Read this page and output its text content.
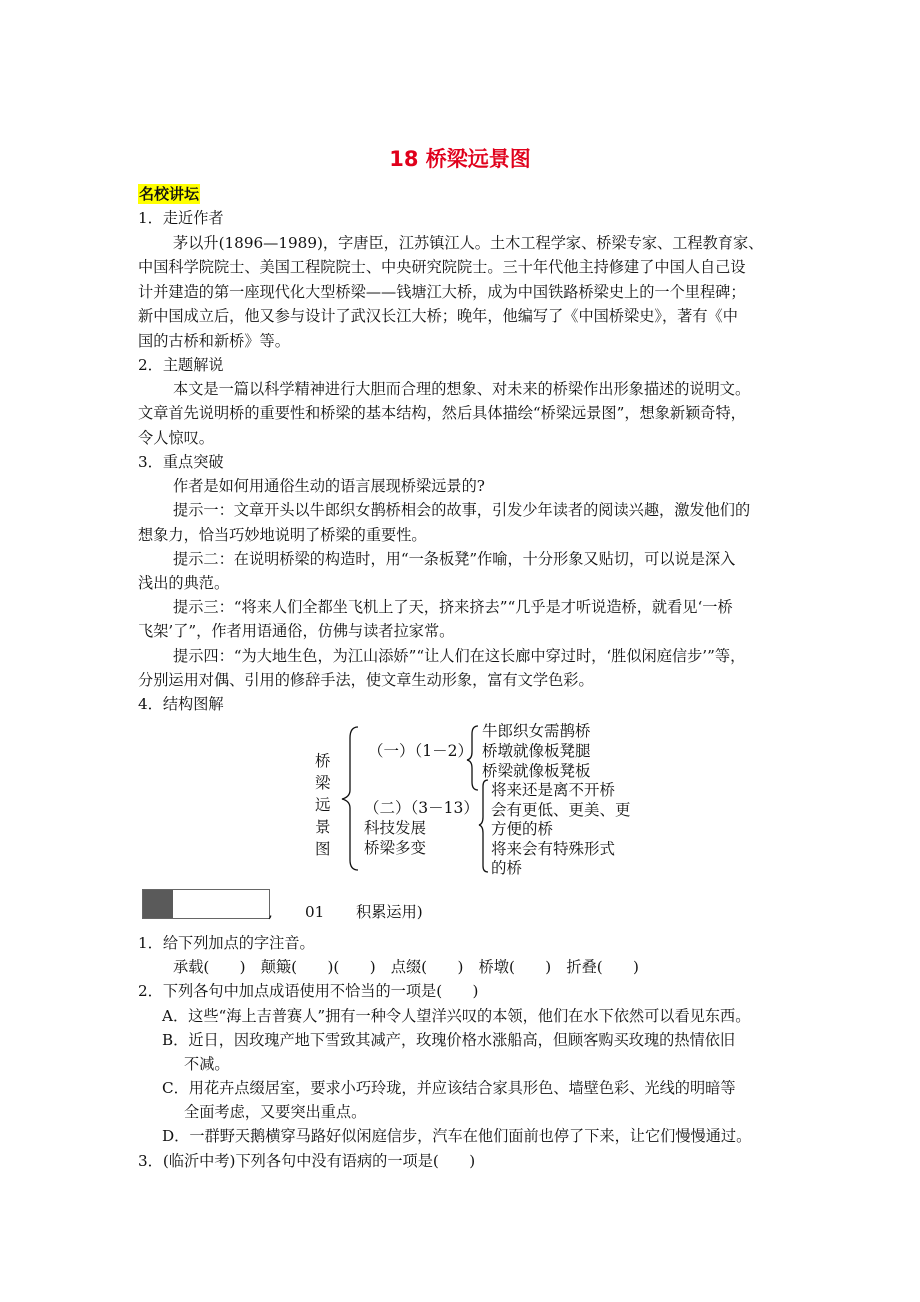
18 桥梁远景图
名校讲坛
1．走近作者
茅以升(1896—1989)，字唐臣，江苏镇江人。土木工程学家、桥梁专家、工程教育家、
中国科学院院士、美国工程院院士、中央研究院院士。三十年代他主持修建了中国人自己设
计并建造的第一座现代化大型桥梁——钱塘江大桥，成为中国铁路桥梁史上的一个里程碑；
新中国成立后，他又参与设计了武汉长江大桥；晚年，他编写了《中国桥梁史》，著有《中
国的古桥和新桥》等。
2．主题解说
本文是一篇以科学精神进行大胆而合理的想象、对未来的桥梁作出形象描述的说明文。
文章首先说明桥的重要性和桥梁的基本结构，然后具体描绘“桥梁远景图”，想象新颖奇特，
令人惊叹。
3．重点突破
作者是如何用通俗生动的语言展现桥梁远景的?
提示一：文章开头以牛郎织女鹊桥相会的故事，引发少年读者的阅读兴趣，激发他们的
想象力，恰当巧妙地说明了桥梁的重要性。
提示二：在说明桥梁的构造时，用“一条板凳”作喻，十分形象又贴切，可以说是深入
浅出的典范。
提示三：“将来人们全都坐飞机上了天，挤来挤去”“几乎是才听说造桥，就看见‘一桥
飞架’了”，作者用语通俗，仿佛与读者拉家常。
提示四：“为大地生色，为江山添娇”“让人们在这长廊中穿过时，‘胜似闲庭信步’”等，
分别运用对偶、引用的修辞手法，使文章生动形象，富有文学色彩。
4．结构图解
桥梁远景图
（一）（1－2）
牛郎织女需鹊桥
桥墩就像板凳腿
桥梁就像板凳板
（二）（3－13）
科技发展
桥梁多变
将来还是离不开桥
会有更低、更美、更
方便的桥
将来会有特殊形式
的桥
, 01 积累运用)
1．给下列加点的字注音。
承载(　　)　颠簸(　　)(　　)　点缀(　　)　桥墩(　　)　折叠(　　)
2．下列各句中加点成语使用不恰当的一项是(　　)
A．这些“海上吉普赛人”拥有一种令人望洋兴叹的本领，他们在水下依然可以看见东西。
B．近日，因玫瑰产地下雪致其减产，玫瑰价格水涨船高，但顾客购买玫瑰的热情依旧
不减。
C．用花卉点缀居室，要求小巧玲珑，并应该结合家具形色、墙壁色彩、光线的明暗等
全面考虑，又要突出重点。
D．一群野天鹅横穿马路好似闲庭信步，汽车在他们面前也停了下来，让它们慢慢通过。
3．(临沂中考)下列各句中没有语病的一项是(　　)
